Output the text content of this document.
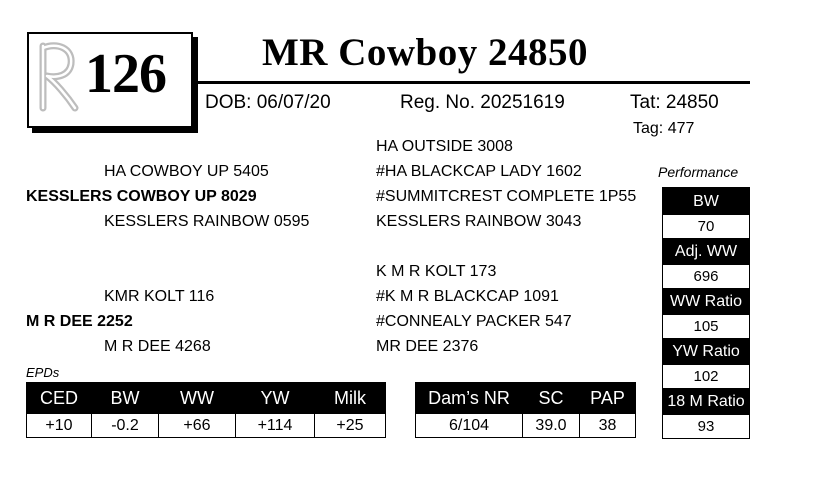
126 MR Cowboy 24850
DOB: 06/07/20	Reg. No. 20251619	Tat: 24850
Tag: 477
HA OUTSIDE 3008
HA COWBOY UP 5405	#HA BLACKCAP LADY 1602
KESSLERS COWBOY UP 8029	#SUMMITCREST COMPLETE 1P55
KESSLERS RAINBOW 0595	KESSLERS RAINBOW 3043
K M R KOLT 173
KMR KOLT 116	#K M R BLACKCAP 1091
M R DEE 2252	#CONNEALY PACKER 547
M R DEE 4268	MR DEE 2376
Performance
BW
70
Adj. WW
696
WW Ratio
105
YW Ratio
102
18 M Ratio
93
EPDs
CED	BW	WW	YW	Milk
+10	-0.2	+66	+114	+25
Dam’s NR	SC	PAP
6/104	39.0	38
